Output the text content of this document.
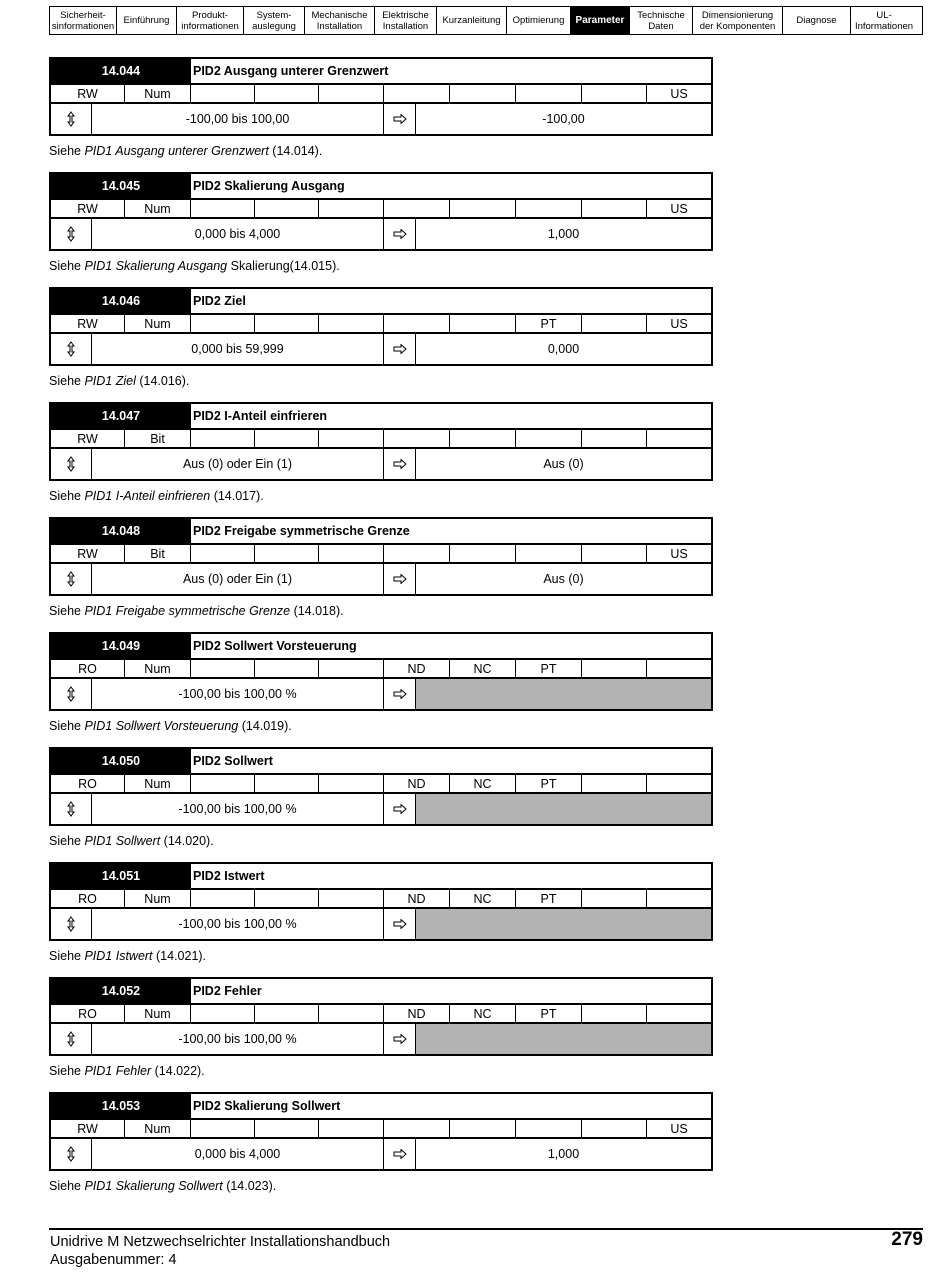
Sicherheit-
sinformationen Einführung	Produkt-
informationen
System-
auslegung
Mechanische
Installation
Elektrische
Installation	Kurzanleitung	Optimierung	Parameter	Technische
Daten
Dimensionierung
der Komponenten	Diagnose	UL-
Informationen
14.044	PID2 Ausgang unterer Grenzwert
RW	Num	US
-100,00 bis 100,00	-100,00
Siehe PID1 Ausgang unterer Grenzwert (14.014).
14.045	PID2 Skalierung Ausgang
RW	Num	US
0,000 bis 4,000	1,000
Siehe PID1 Skalierung Ausgang Skalierung(14.015).
14.046	PID2 Ziel
RW	Num	PT	US
0,000 bis 59,999	0,000
Siehe PID1 Ziel (14.016).
14.047	PID2 I-Anteil einfrieren
RW	Bit
Aus (0) oder Ein (1)	Aus (0)
Siehe PID1 I-Anteil einfrieren (14.017).
14.048	PID2 Freigabe symmetrische Grenze
RW	Bit	US
Aus (0) oder Ein (1)	Aus (0)
Siehe PID1 Freigabe symmetrische Grenze (14.018).
14.049	PID2 Sollwert Vorsteuerung
RO	Num	ND	NC	PT
-100,00 bis 100,00 %
Siehe PID1 Sollwert Vorsteuerung (14.019).
14.050	PID2 Sollwert
RO	Num	ND	NC	PT
-100,00 bis 100,00 %
Siehe PID1 Sollwert (14.020).
14.051	PID2 Istwert
RO	Num	ND	NC	PT
-100,00 bis 100,00 %
Siehe PID1 Istwert (14.021).
14.052	PID2 Fehler
RO	Num	ND	NC	PT
-100,00 bis 100,00 %
Siehe PID1 Fehler (14.022).
14.053	PID2 Skalierung Sollwert
RW	Num	US
0,000 bis 4,000	1,000
Siehe PID1 Skalierung Sollwert (14.023).
Unidrive M Netzwechselrichter Installationshandbuch
Ausgabenummer: 4
279
